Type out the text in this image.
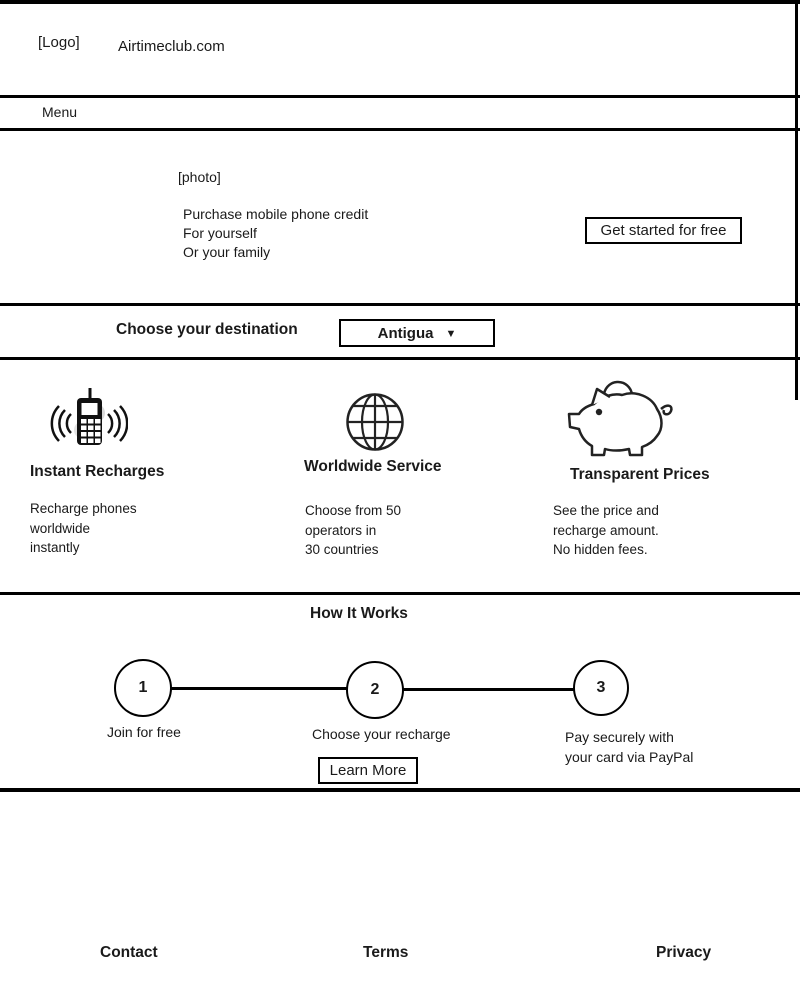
[Logo]	Airtimeclub.com
Menu
[photo]
Purchase mobile phone credit
For yourself
Or your family
Get started for free
Choose your destination	Antigua ▼
Instant Recharges
Recharge phones
worldwide
instantly
Worldwide Service
Choose from 50
operators in
30 countries
Transparent Prices
See the price and
recharge amount.
No hidden fees.
How It Works
1	2	3
Join for free	Choose your recharge	Pay securely with
your card via PayPal
Learn More
Contact	Terms	Privacy
